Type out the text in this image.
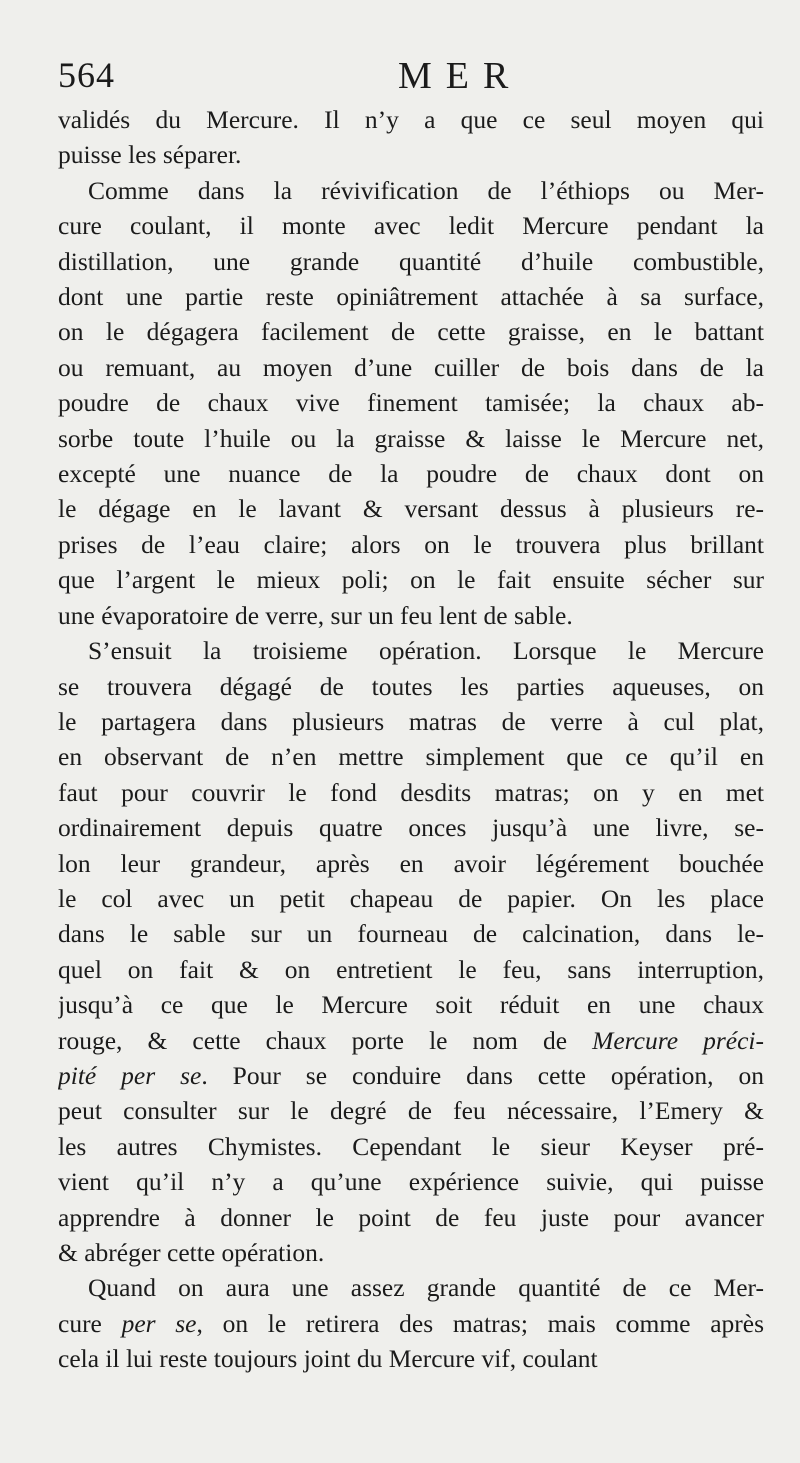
564	MER
validés du Mercure. Il n’y a que ce seul moyen qui
puisse les séparer.
Comme dans la révivification de l’éthiops ou Mer-
cure coulant, il monte avec ledit Mercure pendant la
distillation, une grande quantité d’huile combustible,
dont une partie reste opiniâtrement attachée à sa surface,
on le dégagera facilement de cette graisse, en le battant
ou remuant, au moyen d’une cuiller de bois dans de la
poudre de chaux vive finement tamisée; la chaux ab-
sorbe toute l’huile ou la graisse & laisse le Mercure net,
excepté une nuance de la poudre de chaux dont on
le dégage en le lavant & versant dessus à plusieurs re-
prises de l’eau claire; alors on le trouvera plus brillant
que l’argent le mieux poli; on le fait ensuite sécher sur
une évaporatoire de verre, sur un feu lent de sable.
S’ensuit la troisieme opération. Lorsque le Mercure
se trouvera dégagé de toutes les parties aqueuses, on
le partagera dans plusieurs matras de verre à cul plat,
en observant de n’en mettre simplement que ce qu’il en
faut pour couvrir le fond desdits matras; on y en met
ordinairement depuis quatre onces jusqu’à une livre, se-
lon leur grandeur, après en avoir légérement bouchée
le col avec un petit chapeau de papier. On les place
dans le sable sur un fourneau de calcination, dans le-
quel on fait & on entretient le feu, sans interruption,
jusqu’à ce que le Mercure soit réduit en une chaux
rouge, & cette chaux porte le nom de Mercure préci-
pité per se. Pour se conduire dans cette opération, on
peut consulter sur le degré de feu nécessaire, l’Emery &
les autres Chymistes. Cependant le sieur Keyser pré-
vient qu’il n’y a qu’une expérience suivie, qui puisse
apprendre à donner le point de feu juste pour avancer
& abréger cette opération.
Quand on aura une assez grande quantité de ce Mer-
cure per se, on le retirera des matras; mais comme après
cela il lui reste toujours joint du Mercure vif, coulant
